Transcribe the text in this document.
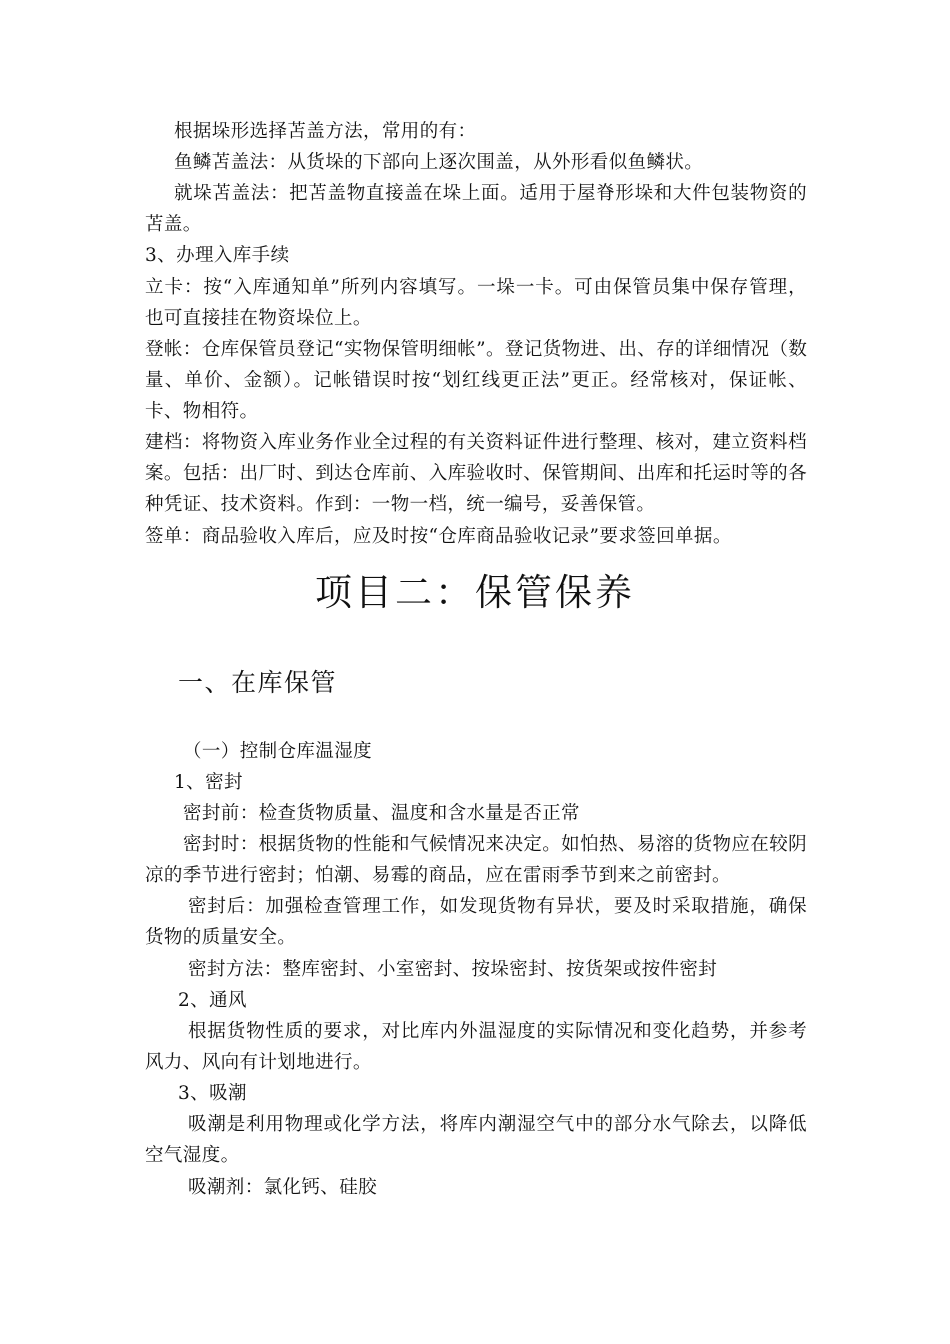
根据垛形选择苫盖方法，常用的有：
鱼鳞苫盖法：从货垛的下部向上逐次围盖，从外形看似鱼鳞状。
就垛苫盖法：把苫盖物直接盖在垛上面。适用于屋脊形垛和大件包装物资的
苫盖。
3、办理入库手续
立卡：按“入库通知单”所列内容填写。一垛一卡。可由保管员集中保存管理，
也可直接挂在物资垛位上。
登帐：仓库保管员登记“实物保管明细帐”。登记货物进、出、存的详细情况（数
量、单价、金额）。记帐错误时按“划红线更正法”更正。经常核对，保证帐、
卡、物相符。
建档：将物资入库业务作业全过程的有关资料证件进行整理、核对，建立资料档
案。包括：出厂时、到达仓库前、入库验收时、保管期间、出库和托运时等的各
种凭证、技术资料。作到：一物一档，统一编号，妥善保管。
签单：商品验收入库后，应及时按“仓库商品验收记录”要求签回单据。
项目二：保管保养
一、在库保管
（一）控制仓库温湿度
1、密封
密封前：检查货物质量、温度和含水量是否正常
密封时：根据货物的性能和气候情况来决定。如怕热、易溶的货物应在较阴
凉的季节进行密封；怕潮、易霉的商品，应在雷雨季节到来之前密封。
密封后：加强检查管理工作，如发现货物有异状，要及时采取措施，确保
货物的质量安全。
密封方法：整库密封、小室密封、按垛密封、按货架或按件密封
2、通风
根据货物性质的要求，对比库内外温湿度的实际情况和变化趋势，并参考
风力、风向有计划地进行。
3、吸潮
吸潮是利用物理或化学方法，将库内潮湿空气中的部分水气除去，以降低
空气湿度。
吸潮剂：氯化钙、硅胶
